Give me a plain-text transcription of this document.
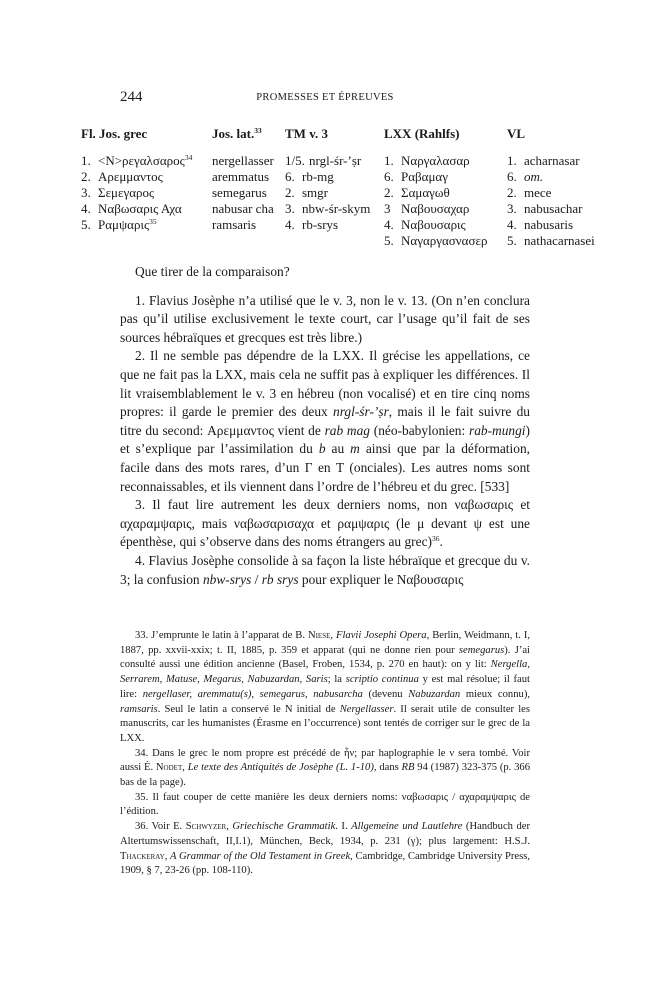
244	PROMESSES ET ÉPREUVES
Fl. Jos. grec	Jos. lat.$^{33}$	TM v. 3	LXX (Rahlfs)	VL
1. <N>ρεγαλσαρος$^{34}$	nergellasser	1/5. nrgl-śr-’ṣr	1. Ναργαλασαρ	1. acharnasar
2. Αρεμμαντος	aremmatus	6. rb-mg	6. Ραβαμαγ	6. om.
3. Σεμεγαρος	semegarus	2. smgr	2. Σαμαγωθ	2. mece
4. Ναβωσαρις Αχα	nabusar cha	3. nbw-śr-skym	3 Ναβουσαχαρ	3. nabusachar
5. Ραμψαρις$^{35}$	ramsaris	4. rb-srys	4. Ναβουσαρις	4. nabusaris
			5. Ναγαργασνασερ	5. nathacarnasei

Que tirer de la comparaison?

1. Flavius Josèphe n’a utilisé que le v. 3, non le v. 13. (On n’en conclura pas qu’il utilise exclusivement le texte court, car l’usage qu’il fait de ses sources hébraïques et grecques est très libre.)

2. Il ne semble pas dépendre de la LXX. Il grécise les appellations, ce que ne fait pas la LXX, mais cela ne suffit pas à expliquer les différences. Il lit vraisemblablement le v. 3 en hébreu (non vocalisé) et en tire cinq noms propres: il garde le premier des deux nrgl-śr-’ṣr, mais il le fait suivre du titre du second: Αρεμμαντος vient de rab mag (néo-babylonien: rab-mungi) et s’explique par l’assimilation du b au m ainsi que par la déformation, facile dans des mots rares, d’un Γ en Τ (onciales). Les autres noms sont reconnaissables, et ils viennent dans l’ordre de l’hébreu et du grec. [533]

3. Il faut lire autrement les deux derniers noms, non ναβωσαρις et αχαραμψαρις, mais ναβωσαρισαχα et ραμψαρις (le μ devant ψ est une épenthèse, qui s’observe dans des noms étrangers au grec)$^{36}$.

4. Flavius Josèphe consolide à sa façon la liste hébraïque et grecque du v. 3; la confusion nbw-srys / rb srys pour expliquer le Ναβουσαρις

33. J’emprunte le latin à l’apparat de B. Niese, Flavii Josephi Opera, Berlin, Weidmann, t. I, 1887, pp. xxvii-xxix; t. II, 1885, p. 359 et apparat (qui ne donne rien pour semegarus). J’ai consulté aussi une édition ancienne (Basel, Froben, 1534, p. 270 en haut): on y lit: Nergella, Serrarem, Matuse, Megarus, Nabuzardan, Saris; la scriptio continua y est mal résolue; il faut lire: nergellaser, aremmatu(s), semegarus, nabusarcha (devenu Nabuzardan mieux connu), ramsaris. Seul le latin a conservé le N initial de Nergellasser. Il serait utile de consulter les manuscrits, car les humanistes (Érasme en l’occurrence) sont tentés de corriger sur le grec de la LXX.

34. Dans le grec le nom propre est précédé de ἦν; par haplographie le ν sera tombé. Voir aussi É. Nodet, Le texte des Antiquités de Josèphe (L. 1-10), dans RB 94 (1987) 323-375 (p. 366 bas de la page).

35. Il faut couper de cette manière les deux derniers noms: ναβωσαρις / αχαραμψαρις de l’édition.

36. Voir E. Schwyzer, Griechische Grammatik. I. Allgemeine und Lautlehre (Handbuch der Altertumswissenschaft, II,I.1), München, Beck, 1934, p. 231 (γ); plus largement: H.S.J. Thackeray, A Grammar of the Old Testament in Greek, Cambridge, Cambridge University Press, 1909, § 7, 23-26 (pp. 108-110).
